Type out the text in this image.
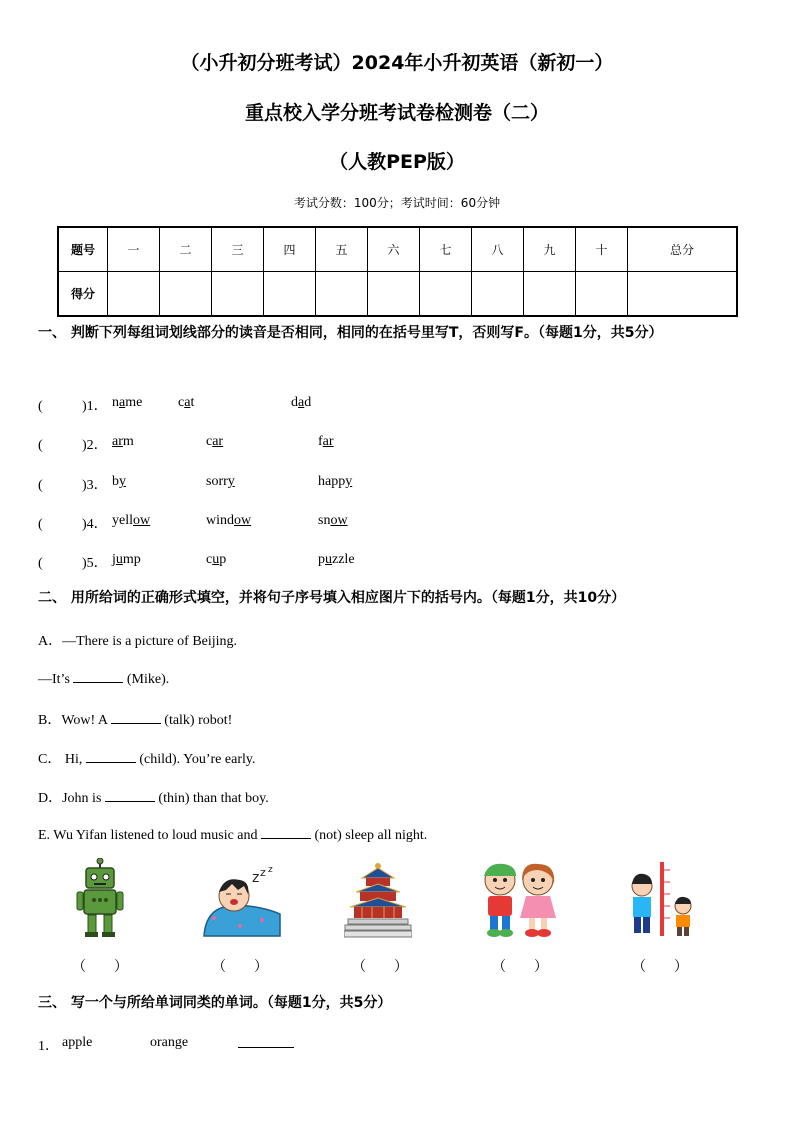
（小升初分班考试）2024年小升初英语（新初一）
重点校入学分班考试卷检测卷（二）
（人教PEP版）
考试分数：100分；考试时间：60分钟
题号	一	二	三	四	五	六	七	八	九	十	总分
得分											
一、 判断下列每组词划线部分的读音是否相同，相同的在括号里写T，否则写F。（每题1分，共5分）
(　　 )1． name	cat	dad
(　　 )2． arm	car	far
(　　 )3． by	sorry	happy
(　　 )4． yellow	window	snow
(　　 )5． jump	cup	puzzle
二、 用所给词的正确形式填空，并将句子序号填入相应图片下的括号内。（每题1分，共10分）
A．—There is a picture of Beijing.
—It’s	(Mike).
B．Wow! A	(talk) robot!
C． Hi,	(child). You’re early.
D．John is	(thin) than that boy.
E. Wu Yifan listened to loud music and	(not) sleep all night.
z z z
（　　）	（　　）	（　　）	（　　）	（　　）
三、 写一个与所给单词同类的单词。（每题1分，共5分）
1． apple	orange
